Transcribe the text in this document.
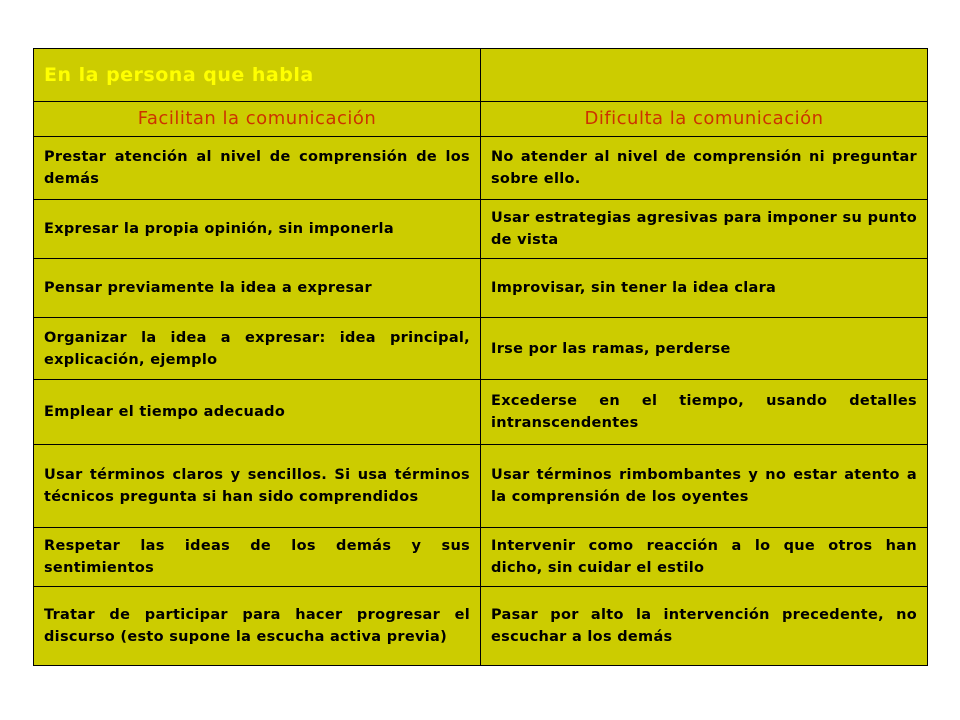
En la persona que habla	
Facilitan la comunicación	Dificulta la comunicación
Prestar atención al nivel de comprensión de los demás	No atender al nivel de comprensión ni preguntar sobre ello.
Expresar la propia opinión, sin imponerla	Usar estrategias agresivas para imponer su punto de vista
Pensar previamente la idea a expresar	Improvisar, sin tener la idea clara
Organizar la idea a expresar: idea principal, explicación, ejemplo	Irse por las ramas, perderse
Emplear el tiempo adecuado	Excederse en el tiempo, usando detalles intranscendentes
Usar términos claros y sencillos. Si usa términos técnicos pregunta si han sido comprendidos	Usar términos rimbombantes y no estar atento a la comprensión de los oyentes
Respetar las ideas de los demás y sus sentimientos	Intervenir como reacción a lo que otros han dicho, sin cuidar el estilo
Tratar de participar para hacer progresar el discurso (esto supone la escucha activa previa)	Pasar por alto la intervención precedente, no escuchar a los demás
